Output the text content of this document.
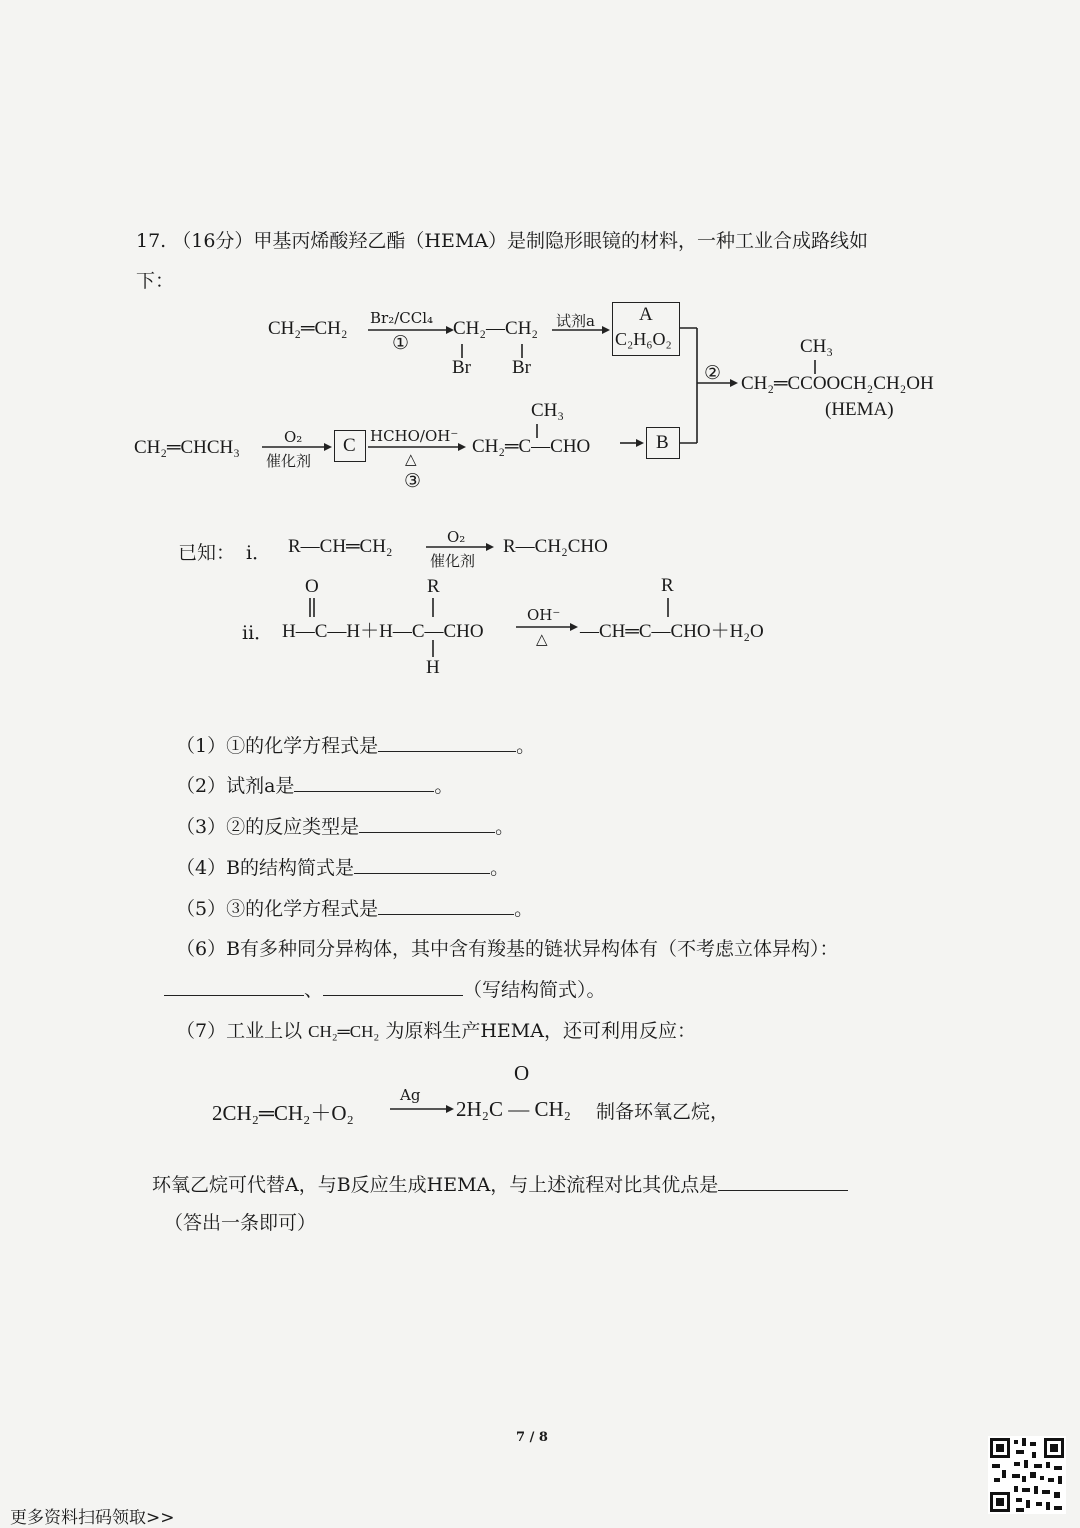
17. （16分）甲基丙烯酸羟乙酯（HEMA）是制隐形眼镜的材料，一种工业合成路线如
下：
CH₂═CH₂ Br₂/CCl₄
①
CH₂—CH₂
Br Br
试剂a A
C₂H₆O₂
②
CH₃
CH₂═CCOOCH₂CH₂OH
(HEMA)
CH₂═CHCH₃	O₂
催化剂
C HCHO/OH⁻
△
③
CH₃
CH₂═C—CHO	B
已知： i． R—CH═CH₂	O₂
催化剂
R—CH₂CHO
ii．
O	R
H—C—H＋H—C—CHO
H
OH⁻
△
R
—CH═C—CHO＋H₂O
（1）①的化学方程式是	。
（2）试剂a是	。
（3）②的反应类型是	。
（4）B的结构简式是	。
（5）③的化学方程式是	。
（6）B有多种同分异构体，其中含有羧基的链状异构体有（不考虑立体异构）：
、	（写结构简式）。
（7）工业上以 CH₂═CH₂ 为原料生产HEMA，还可利用反应：
2CH₂═CH₂＋O₂
Ag
O
2H₂C — CH₂ 制备环氧乙烷，
环氧乙烷可代替A，与B反应生成HEMA，与上述流程对比其优点是
（答出一条即可）
7 / 8
更多资料扫码领取>>
